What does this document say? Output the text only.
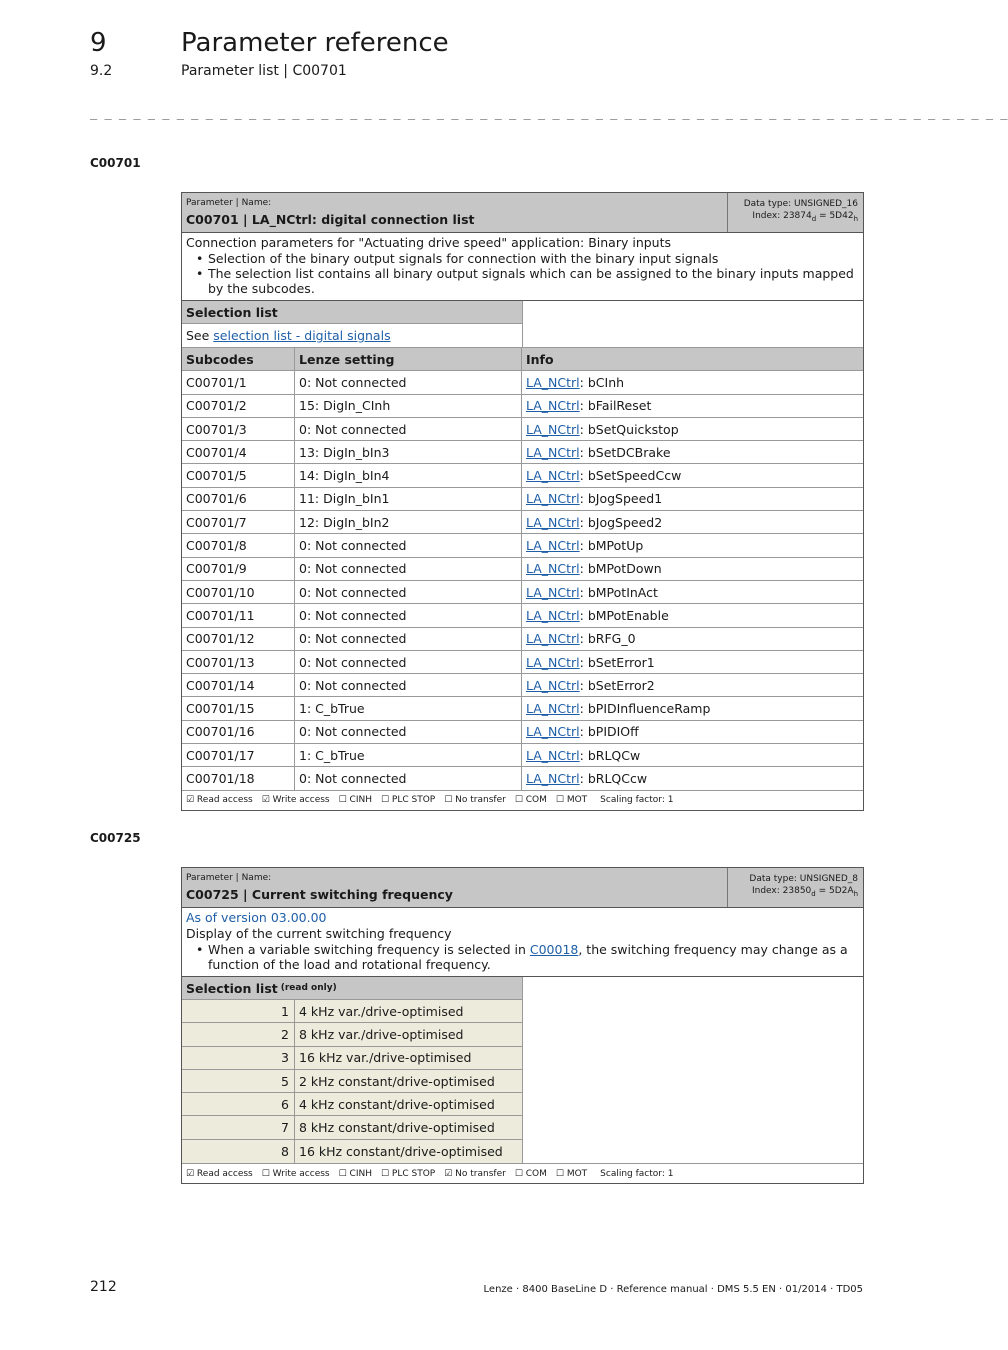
9	Parameter reference
9.2	Parameter list | C00701
_ _ _ _ _ _ _ _ _ _ _ _ _ _ _ _ _ _ _ _ _ _ _ _ _ _ _ _ _ _ _ _ _ _ _ _ _ _ _ _ _ _ _ _ _ _ _ _ _ _ _ _ _ _ _ _ _ _ _ _ _ _ _ _
C00701
Parameter | Name:
C00701 | LA_NCtrl: digital connection list
Data type: UNSIGNED_16
Index: $23874_d = 5D42_h$
Connection parameters for "Actuating drive speed" application: Binary inputs
• Selection of the binary output signals for connection with the binary input signals
• The selection list contains all binary output signals which can be assigned to the binary inputs mapped by the subcodes.
Selection list
See selection list - digital signals
Subcodes	Lenze setting	Info
C00701/1	0: Not connected	LA_NCtrl : bCInh
C00701/2	15: DigIn_CInh	LA_NCtrl : bFailReset
C00701/3	0: Not connected	LA_NCtrl : bSetQuickstop
C00701/4	13: DigIn_bIn3	LA_NCtrl : bSetDCBrake
C00701/5	14: DigIn_bIn4	LA_NCtrl : bSetSpeedCcw
C00701/6	11: DigIn_bIn1	LA_NCtrl : bJogSpeed1
C00701/7	12: DigIn_bIn2	LA_NCtrl : bJogSpeed2
C00701/8	0: Not connected	LA_NCtrl : bMPotUp
C00701/9	0: Not connected	LA_NCtrl : bMPotDown
C00701/10	0: Not connected	LA_NCtrl : bMPotInAct
C00701/11	0: Not connected	LA_NCtrl : bMPotEnable
C00701/12	0: Not connected	LA_NCtrl : bRFG_0
C00701/13	0: Not connected	LA_NCtrl : bSetError1
C00701/14	0: Not connected	LA_NCtrl : bSetError2
C00701/15	1: C_bTrue	LA_NCtrl : bPIDInfluenceRamp
C00701/16	0: Not connected	LA_NCtrl : bPIDIOff
C00701/17	1: C_bTrue	LA_NCtrl : bRLQCw
C00701/18	0: Not connected	LA_NCtrl : bRLQCcw
☑ Read access ☑ Write access ☐ CINH ☐ PLC STOP ☐ No transfer ☐ COM ☐ MOT Scaling factor: 1
C00725
Parameter | Name:
C00725 | Current switching frequency
Data type: UNSIGNED_8
Index: $23850_d = 5D2A_h$
As of version 03.00.00
Display of the current switching frequency
• When a variable switching frequency is selected in C00018, the switching frequency may change as a function of the load and rotational frequency.
Selection list (read only)
1 4 kHz var./drive-optimised
2 8 kHz var./drive-optimised
3 16 kHz var./drive-optimised
5 2 kHz constant/drive-optimised
6 4 kHz constant/drive-optimised
7 8 kHz constant/drive-optimised
8 16 kHz constant/drive-optimised
☑ Read access ☐ Write access ☐ CINH ☐ PLC STOP ☑ No transfer ☐ COM ☐ MOT Scaling factor: 1
212	Lenze · 8400 BaseLine D · Reference manual · DMS 5.5 EN · 01/2014 · TD05
